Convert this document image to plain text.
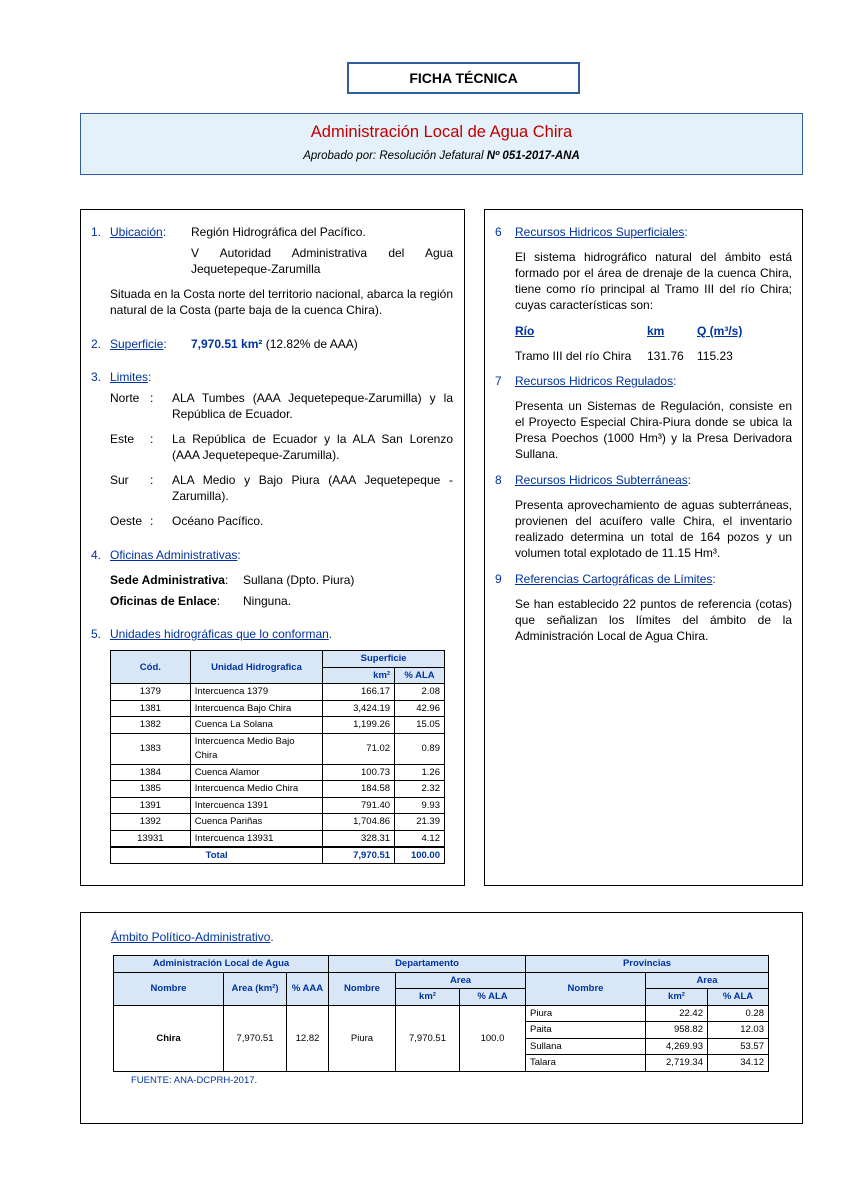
FICHA TÉCNICA
Administración Local de Agua Chira
Aprobado por: Resolución Jefatural Nº 051-2017-ANA
1. Ubicación: Región Hidrográfica del Pacífico.
V Autoridad Administrativa del Agua Jequetepeque-Zarumilla
Situada en la Costa norte del territorio nacional, abarca la región natural de la Costa (parte baja de la cuenca Chira).
2. Superficie: 7,970.51 km² (12.82% de AAA)
3. Limites:
Norte : ALA Tumbes (AAA Jequetepeque-Zarumilla) y la República de Ecuador.
Este : La República de Ecuador y la ALA San Lorenzo (AAA Jequetepeque-Zarumilla).
Sur : ALA Medio y Bajo Piura (AAA Jequetepeque - Zarumilla).
Oeste : Océano Pacífico.
4. Oficinas Administrativas:
Sede Administrativa: Sullana (Dpto. Piura)
Oficinas de Enlace: Ninguna.
5. Unidades hidrográficas que lo conforman.
Cód.	Unidad Hidrografica	Superficie	
		km²	% ALA
1379	Intercuenca 1379	166.17	2.08
1381	Intercuenca Bajo Chira	3,424.19	42.96
1382	Cuenca La Solana	1,199.26	15.05
1383	Intercuenca Medio Bajo Chira	71.02	0.89
1384	Cuenca Alamor	100.73	1.26
1385	Intercuenca Medio Chira	184.58	2.32
1391	Intercuenca 1391	791.40	9.93
1392	Cuenca Pariñas	1,704.86	21.39
13931	Intercuenca 13931	328.31	4.12
Total		7,970.51	100.00
6 Recursos Hidricos Superficiales:
El sistema hidrográfico natural del ámbito está formado por el área de drenaje de la cuenca Chira, tiene como río principal al Tramo III del río Chira; cuyas características son:
Río	km	Q (m³/s)
Tramo III del río Chira 131.76 115.23
7 Recursos Hidricos Regulados:
Presenta un Sistemas de Regulación, consiste en el Proyecto Especial Chira-Piura donde se ubica la Presa Poechos (1000 Hm³) y la Presa Derivadora Sullana.
8 Recursos Hidricos Subterráneas:
Presenta aprovechamiento de aguas subterráneas, provienen del acuífero valle Chira, el inventario realizado determina un total de 164 pozos y un volumen total explotado de 11.15 Hm³.
9 Referencias Cartográficas de Límites:
Se han establecido 22 puntos de referencia (cotas) que señalizan los límites del ámbito de la Administración Local de Agua Chira.
Ámbito Político-Administrativo.
Administración Local de Agua			Departamento			Provincias		
Nombre	Area (km²)	% AAA	Nombre	Area		Nombre	Area	
				km²	% ALA		km²	% ALA
Chira	7,970.51	12.82	Piura	7,970.51	100.0	Piura	22.42	0.28
						Paita	958.82	12.03
						Sullana	4,269.93	53.57
						Talara	2,719.34	34.12
FUENTE: ANA-DCPRH-2017.
